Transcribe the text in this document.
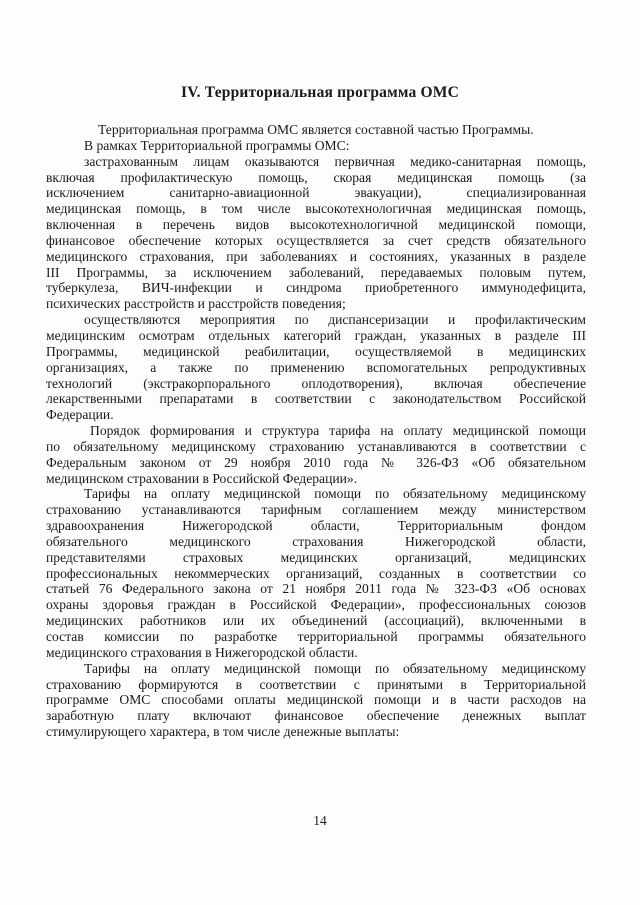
IV. Территориальная программа ОМС
Территориальная программа ОМС является составной частью Программы.
В рамках Территориальной программы ОМС:
застрахованным лицам оказываются первичная медико-санитарная помощь,
включая профилактическую помощь, скорая медицинская помощь (за
исключением санитарно-авиационной эвакуации), специализированная
медицинская помощь, в том числе высокотехнологичная медицинская помощь,
включенная в перечень видов высокотехнологичной медицинской помощи,
финансовое обеспечение которых осуществляется за счет средств обязательного
медицинского страхования, при заболеваниях и состояниях, указанных в разделе
III Программы, за исключением заболеваний, передаваемых половым путем,
туберкулеза, ВИЧ-инфекции и синдрома приобретенного иммунодефицита,
психических расстройств и расстройств поведения;
осуществляются мероприятия по диспансеризации и профилактическим
медицинским осмотрам отдельных категорий граждан, указанных в разделе III
Программы, медицинской реабилитации, осуществляемой в медицинских
организациях, а также по применению вспомогательных репродуктивных
технологий (экстракорпорального оплодотворения), включая обеспечение
лекарственными препаратами в соответствии с законодательством Российской
Федерации.
Порядок формирования и структура тарифа на оплату медицинской помощи
по обязательному медицинскому страхованию устанавливаются в соответствии с
Федеральным законом от 29 ноября 2010 года № 326-ФЗ «Об обязательном
медицинском страховании в Российской Федерации».
Тарифы на оплату медицинской помощи по обязательному медицинскому
страхованию устанавливаются тарифным соглашением между министерством
здравоохранения Нижегородской области, Территориальным фондом
обязательного медицинского страхования Нижегородской области,
представителями страховых медицинских организаций, медицинских
профессиональных некоммерческих организаций, созданных в соответствии со
статьей 76 Федерального закона от 21 ноября 2011 года № 323-ФЗ «Об основах
охраны здоровья граждан в Российской Федерации», профессиональных союзов
медицинских работников или их объединений (ассоциаций), включенными в
состав комиссии по разработке территориальной программы обязательного
медицинского страхования в Нижегородской области.
Тарифы на оплату медицинской помощи по обязательному медицинскому
страхованию формируются в соответствии с принятыми в Территориальной
программе ОМС способами оплаты медицинской помощи и в части расходов на
заработную плату включают финансовое обеспечение денежных выплат
стимулирующего характера, в том числе денежные выплаты:
14
